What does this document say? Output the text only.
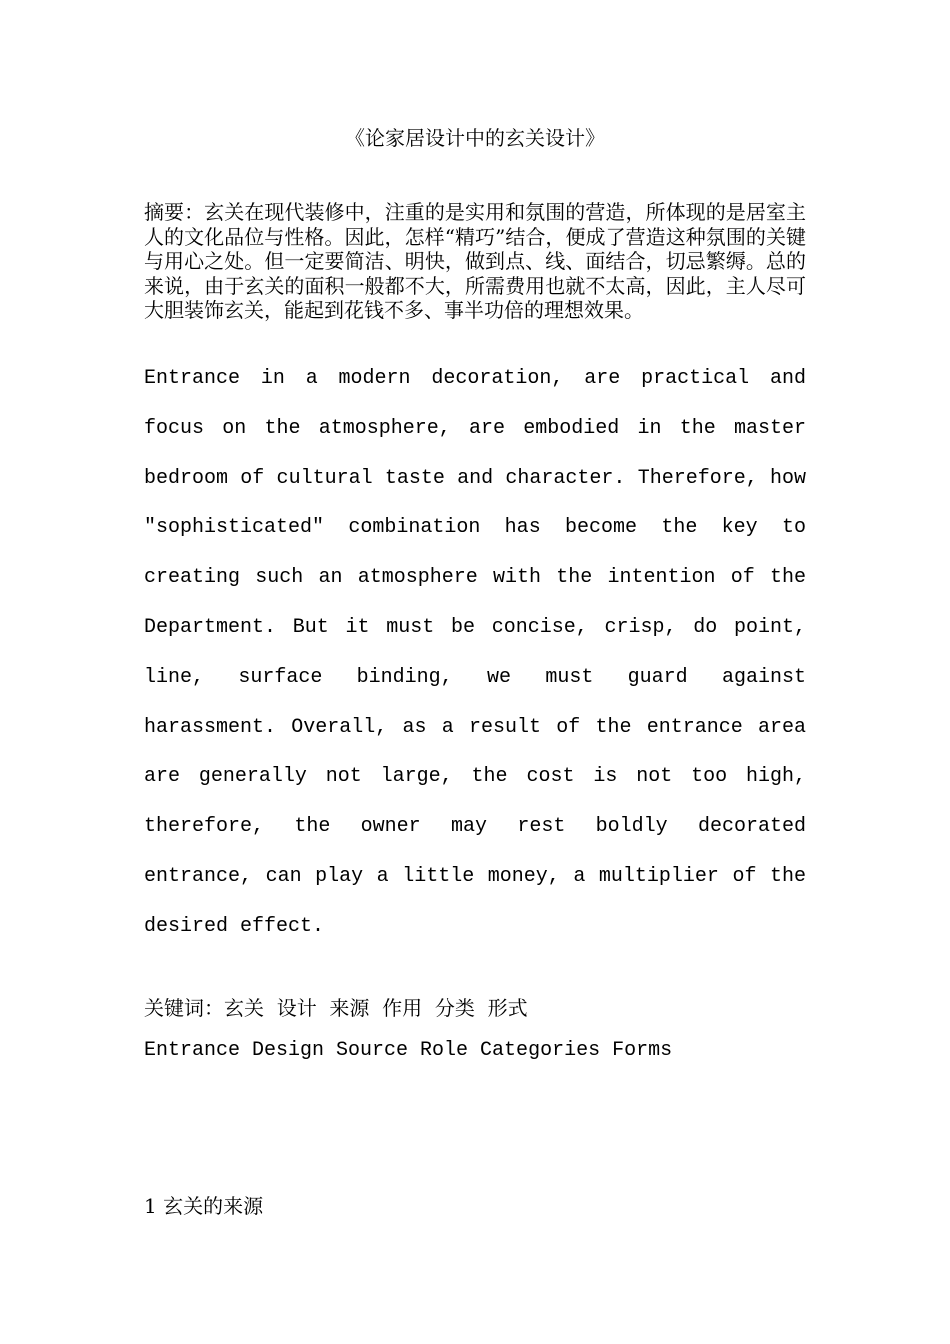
《论家居设计中的玄关设计》

摘要：玄关在现代装修中，注重的是实用和氛围的营造，所体现的是居室主人的文化品位与性格。因此，怎样“精巧”结合，便成了营造这种氛围的关键与用心之处。但一定要简洁、明快，做到点、线、面结合，切忌繁缛。总的来说，由于玄关的面积一般都不大，所需费用也就不太高，因此，主人尽可大胆装饰玄关，能起到花钱不多、事半功倍的理想效果。

Entrance in a modern decoration, are practical and focus on the atmosphere, are embodied in the master bedroom of cultural taste and character. Therefore, how "sophisticated" combination has become the key to creating such an atmosphere with the intention of the Department. But it must be concise, crisp, do point, line, surface binding, we must guard against harassment. Overall, as a result of the entrance area are generally not large, the cost is not too high, therefore, the owner may rest boldly decorated entrance, can play a little money, a multiplier of the desired effect.

关键词：玄关  设计  来源  作用  分类  形式

Entrance Design Source Role Categories Forms

1 玄关的来源
